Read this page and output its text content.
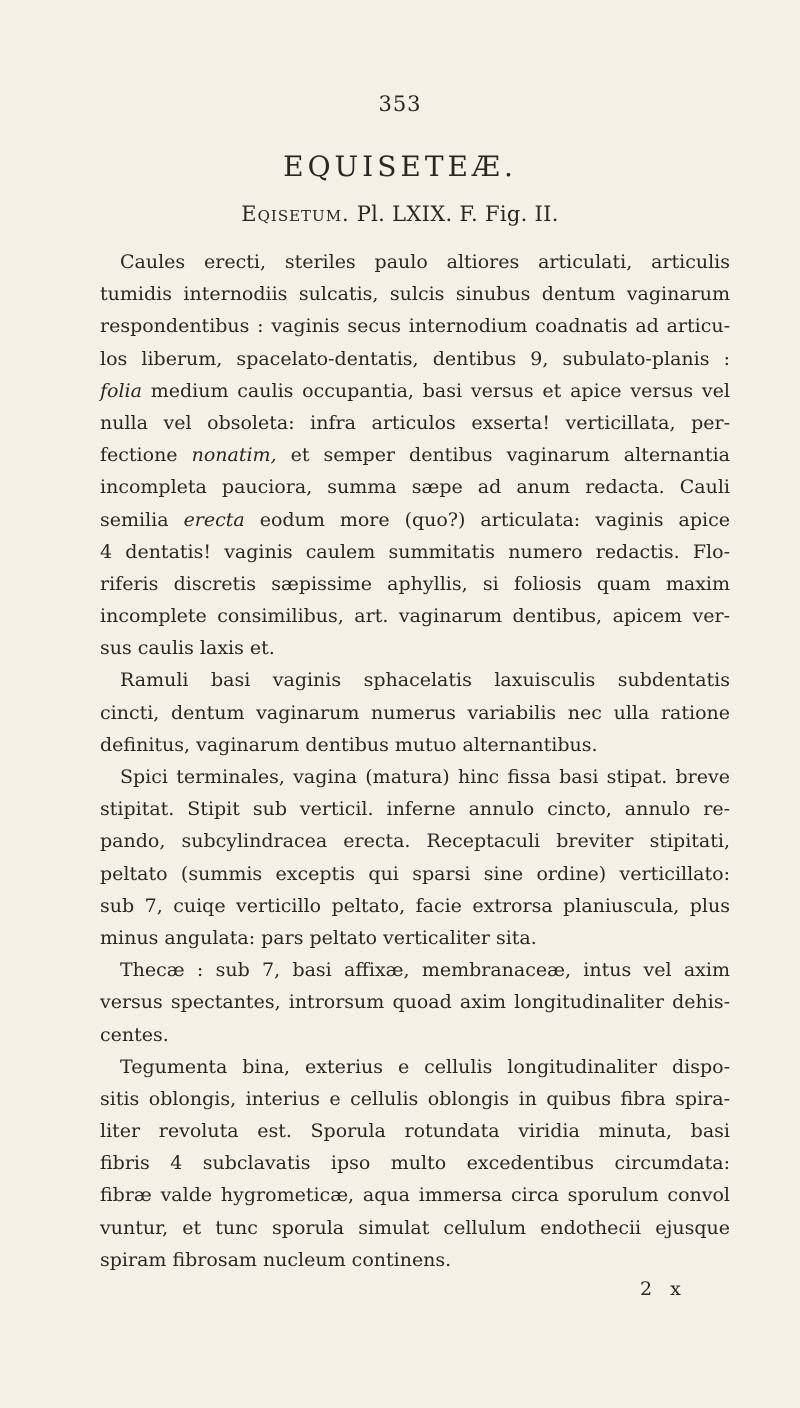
353
EQUISETEÆ.
Eqisetum. Pl. LXIX. F. Fig. II.
Caules erecti, steriles paulo altiores articulati, articulis
tumidis internodiis sulcatis, sulcis sinubus dentum vaginarum
respondentibus : vaginis secus internodium coadnatis ad articu-
los liberum, spacelato-dentatis, dentibus 9, subulato-planis :
folia medium caulis occupantia, basi versus et apice versus vel
nulla vel obsoleta: infra articulos exserta! verticillata, per-
fectione nonatim, et semper dentibus vaginarum alternantia
incompleta pauciora, summa sæpe ad anum redacta. Cauli
semilia erecta eodum more (quo?) articulata: vaginis apice
4 dentatis! vaginis caulem summitatis numero redactis. Flo-
riferis discretis sæpissime aphyllis, si foliosis quam maxim
incomplete consimilibus, art. vaginarum dentibus, apicem ver-
sus caulis laxis et.
Ramuli basi vaginis sphacelatis laxuisculis subdentatis
cincti, dentum vaginarum numerus variabilis nec ulla ratione
definitus, vaginarum dentibus mutuo alternantibus.
Spici terminales, vagina (matura) hinc fissa basi stipat. breve
stipitat. Stipit sub verticil. inferne annulo cincto, annulo re-
pando, subcylindracea erecta. Receptaculi breviter stipitati,
peltato (summis exceptis qui sparsi sine ordine) verticillato:
sub 7, cuiqe verticillo peltato, facie extrorsa planiuscula, plus
minus angulata: pars peltato verticaliter sita.
Thecæ : sub 7, basi affixæ, membranaceæ, intus vel axim
versus spectantes, introrsum quoad axim longitudinaliter dehis-
centes.
Tegumenta bina, exterius e cellulis longitudinaliter dispo-
sitis oblongis, interius e cellulis oblongis in quibus fibra spira-
liter revoluta est. Sporula rotundata viridia minuta, basi
fibris 4 subclavatis ipso multo excedentibus circumdata:
fibræ valde hygrometicæ, aqua immersa circa sporulum convol
vuntur, et tunc sporula simulat cellulum endothecii ejusque
spiram fibrosam nucleum continens.
2 x
